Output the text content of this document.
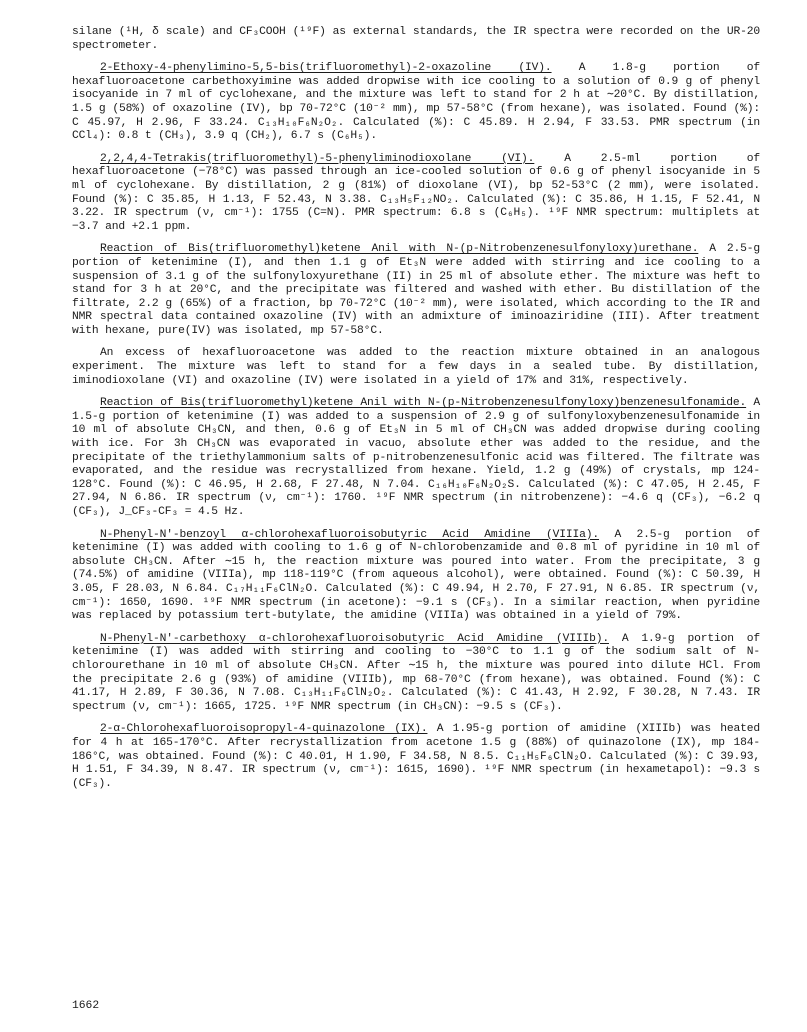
silane (¹H, δ scale) and CF₃COOH (¹⁹F) as external standards, the IR spectra were recorded on the UR-20 spectrometer.

2-Ethoxy-4-phenylimino-5,5-bis(trifluoromethyl)-2-oxazoline (IV). A 1.8-g portion of hexafluoroacetone carbethoxyimine was added dropwise with ice cooling to a solution of 0.9 g of phenyl isocyanide in 7 ml of cyclohexane, and the mixture was left to stand for 2 h at ∼20°C. By distillation, 1.5 g (58%) of oxazoline (IV), bp 70-72°C (10⁻² mm), mp 57-58°C (from hexane), was isolated. Found (%): C 45.97, H 2.96, F 33.24. C₁₃H₁₀F₆N₂O₂. Calculated (%): C 45.89. H 2.94, F 33.53. PMR spectrum (in CCl₄): 0.8 t (CH₃), 3.9 q (CH₂), 6.7 s (C₆H₅).

2,2,4,4-Tetrakis(trifluoromethyl)-5-phenyliminodioxolane (VI).	A 2.5-ml portion of hexafluoroacetone (−78°C) was passed through an ice-cooled solution of 0.6 g of phenyl isocyanide in 5 ml of cyclohexane. By distillation, 2 g (81%) of dioxolane (VI), bp 52-53°C (2 mm), were isolated. Found (%): C 35.85, H 1.13, F 52.43, N 3.38. C₁₃H₅F₁₂NO₂. Calculated (%): C 35.86, H 1.15, F 52.41, N 3.22. IR spectrum (ν, cm⁻¹): 1755 (C=N). PMR spectrum: 6.8 s (C₆H₅). ¹⁹F NMR spectrum: multiplets at −3.7 and +2.1 ppm.

Reaction of Bis(trifluoromethyl)ketene Anil with N-(p-Nitrobenzenesulfonyloxy)urethane. A 2.5-g portion of ketenimine (I), and then 1.1 g of Et₃N were added with stirring and ice cooling to a suspension of 3.1 g of the sulfonyloxyurethane (II) in 25 ml of absolute ether. The mixture was heft to stand for 3 h at 20°C, and the precipitate was filtered and washed with ether. Bu distillation of the filtrate, 2.2 g (65%) of a fraction, bp 70-72°C (10⁻² mm), were isolated, which according to the IR and NMR spectral data contained oxazoline (IV) with an admixture of iminoaziridine (III). After treatment with hexane, pure(IV) was isolated, mp 57-58°C.

An excess of hexafluoroacetone was added to the reaction mixture obtained in an analogous experiment. The mixture was left to stand for a few days in a sealed tube. By distillation, iminodioxolane (VI) and oxazoline (IV) were isolated in a yield of 17% and 31%, respectively.

Reaction of Bis(trifluoromethyl)ketene Anil with N-(p-Nitrobenzenesulfonyloxy)benzenesulfonamide. A 1.5-g portion of ketenimine (I) was added to a suspension of 2.9 g of sulfonyloxybenzenesulfonamide in 10 ml of absolute CH₃CN, and then, 0.6 g of Et₃N in 5 ml of CH₃CN was added dropwise during cooling with ice. For 3h CH₃CN was evaporated in vacuo, absolute ether was added to the residue, and the precipitate of the triethylammonium salts of p-nitrobenzenesulfonic acid was filtered. The filtrate was evaporated, and the residue was recrystallized from hexane. Yield, 1.2 g (49%) of crystals, mp 124-128°C. Found (%): C 46.95, H 2.68, F 27.48, N 7.04. C₁₆H₁₀F₆N₂O₂S. Calculated (%): C 47.05, H 2.45, F 27.94, N 6.86. IR spectrum (ν, cm⁻¹): 1760. ¹⁹F NMR spectrum (in nitrobenzene): −4.6 q (CF₃), −6.2 q (CF₃), J_CF₃-CF₃ = 4.5 Hz.

N-Phenyl-N'-benzoyl α-chlorohexafluoroisobutyric Acid Amidine (VIIIa). A 2.5-g portion of ketenimine (I) was added with cooling to 1.6 g of N-chlorobenzamide and 0.8 ml of pyridine in 10 ml of absolute CH₃CN. After ∼15 h, the reaction mixture was poured into water. From the precipitate, 3 g (74.5%) of amidine (VIIIa), mp 118-119°C (from aqueous alcohol), were obtained. Found (%): C 50.39, H 3.05, F 28.03, N 6.84. C₁₇H₁₁F₆ClN₂O. Calculated (%): C 49.94, H 2.70, F 27.91, N 6.85. IR spectrum (ν, cm⁻¹): 1650, 1690. ¹⁹F NMR spectrum (in acetone): −9.1 s (CF₃). In a similar reaction, when pyridine was replaced by potassium tert-butylate, the amidine (VIIIa) was obtained in a yield of 79%.

N-Phenyl-N'-carbethoxy α-chlorohexafluoroisobutyric Acid Amidine (VIIIb). A 1.9-g portion of ketenimine (I) was added with stirring and cooling to −30°C to 1.1 g of the sodium salt of N-chlorourethane in 10 ml of absolute CH₃CN. After ∼15 h, the mixture was poured into dilute HCl. From the precipitate 2.6 g (93%) of amidine (VIIIb), mp 68-70°C (from hexane), was obtained. Found (%): C 41.17, H 2.89, F 30.36, N 7.08. C₁₃H₁₁F₆ClN₂O₂. Calculated (%): C 41.43, H 2.92, F 30.28, N 7.43. IR spectrum (ν, cm⁻¹): 1665, 1725. ¹⁹F NMR spectrum (in CH₃CN): −9.5 s (CF₃).

2-α-Chlorohexafluoroisopropyl-4-quinazolone (IX). A 1.95-g portion of amidine (XIIIb) was heated for 4 h at 165-170°C. After recrystallization from acetone 1.5 g (88%) of quinazolone (IX), mp 184-186°C, was obtained. Found (%): C 40.01, H 1.90, F 34.58, N 8.5. C₁₁H₅F₆ClN₂O. Calculated (%): C 39.93, H 1.51, F 34.39, N 8.47. IR spectrum (ν, cm⁻¹): 1615, 1690). ¹⁹F NMR spectrum (in hexametapol): −9.3 s (CF₃).

1662
